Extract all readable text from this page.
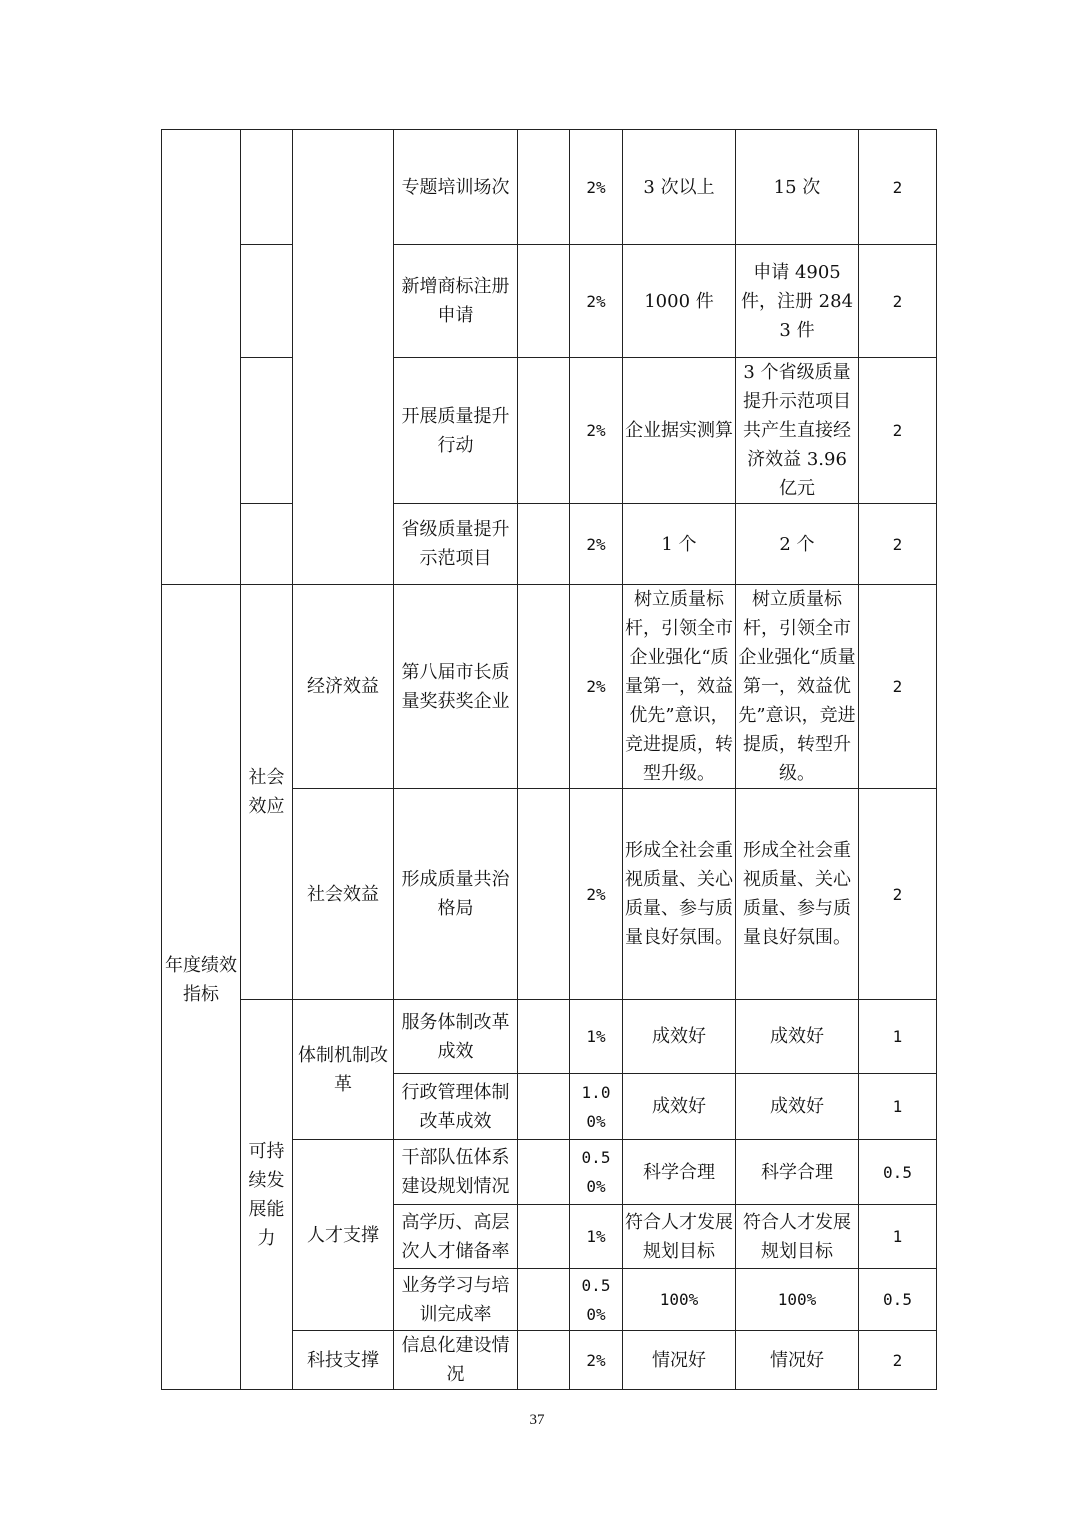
			专题培训场次		2%	3 次以上	15 次	2
			新增商标注册申请		2%	1000 件	申请 4905 件，注册 2843 件	2
			开展质量提升行动		2%	企业据实测算	3 个省级质量提升示范项目共产生直接经济效益 3.96 亿元	2
			省级质量提升示范项目		2%	1 个	2 个	2
年度绩效指标	社会效应	经济效益	第八届市长质量奖获奖企业		2%	树立质量标杆，引领全市企业强化“质量第一，效益优先”意识，竞进提质，转型升级。	树立质量标杆，引领全市企业强化“质量第一，效益优先”意识，竞进提质，转型升级。	2
		社会效益	形成质量共治格局		2%	形成全社会重视质量、关心质量、参与质量良好氛围。	形成全社会重视质量、关心质量、参与质量良好氛围。	2
	可持续发展能力	体制机制改革	服务体制改革成效		1%	成效好	成效好	1
			行政管理体制改革成效		1.00%	成效好	成效好	1
		人才支撑	干部队伍体系建设规划情况		0.50%	科学合理	科学合理	0.5
			高学历、高层次人才储备率		1%	符合人才发展规划目标	符合人才发展规划目标	1
			业务学习与培训完成率		0.50%	100%	100%	0.5
		科技支撑	信息化建设情况		2%	情况好	情况好	2
37
